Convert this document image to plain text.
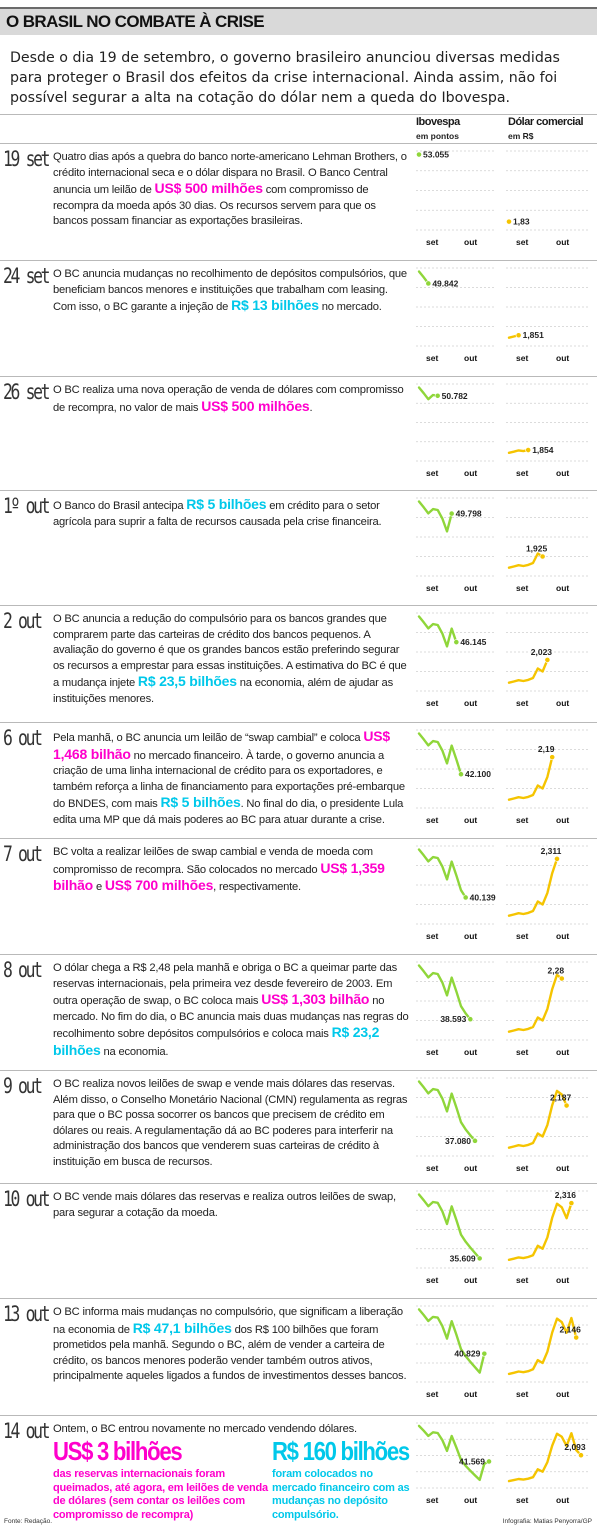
O BRASIL NO COMBATE À CRISE
Desde o dia 19 de setembro, o governo brasileiro anunciou diversas medidas para proteger o Brasil dos efeitos da crise internacional. Ainda assim, não foi possível segurar a alta na cotação do dólar nem a queda do Ibovespa.
Ibovespa
em pontos
Dólar comercial
em R$
19 set Quatro dias após a quebra do banco norte-americano Lehman Brothers, o crédito internacional seca e o dólar dispara no Brasil. O Banco Central anuncia um leilão de US$ 500 milhões com compromisso de recompra da moeda após 30 dias. Os recursos servem para que os bancos possam financiar as exportações brasileiras.
53.055
set	out
1,83
set	out
24 set O BC anuncia mudanças no recolhimento de depósitos compulsórios, que beneficiam bancos menores e instituições que trabalham com leasing. Com isso, o BC garante a injeção de R$ 13 bilhões no mercado.
49.842
set	out
1,851
set	out
26 set O BC realiza uma nova operação de venda de dólares com compromisso de recompra, no valor de mais US$ 500 milhões.
50.782
set	out
1,854
set	out
1º out O Banco do Brasil antecipa R$ 5 bilhões em crédito para o setor agrícola para suprir a falta de recursos causada pela crise financeira.
49.798
set	out
1,925
set	out
2 out O BC anuncia a redução do compulsório para os bancos grandes que comprarem parte das carteiras de crédito dos bancos pequenos. A avaliação do governo é que os grandes bancos estão preferindo segurar os recursos a emprestar para essas instituições. A estimativa do BC é que a mudança injete R$ 23,5 bilhões na economia, além de ajudar as instituições menores.
46.145
set	out
2,023
set	out
6 out Pela manhã, o BC anuncia um leilão de “swap cambial” e coloca US$ 1,468 bilhão no mercado financeiro. À tarde, o governo anuncia a criação de uma linha internacional de crédito para os exportadores, e também reforça a linha de financiamento para exportações pré-embarque do BNDES, com mais R$ 5 bilhões. No final do dia, o presidente Lula edita uma MP que dá mais poderes ao BC para atuar durante a crise.
42.100
set	out
2,19
set	out
7 out BC volta a realizar leilões de swap cambial e venda de moeda com compromisso de recompra. São colocados no mercado US$ 1,359 bilhão e US$ 700 milhões, respectivamente.
40.139
set	out
2,311
set	out
8 out O dólar chega a R$ 2,48 pela manhã e obriga o BC a queimar parte das reservas internacionais, pela primeira vez desde fevereiro de 2003. Em outra operação de swap, o BC coloca mais US$ 1,303 bilhão no mercado. No fim do dia, o BC anuncia mais duas mudanças nas regras do recolhimento sobre depósitos compulsórios e coloca mais R$ 23,2 bilhões na economia.
38.593
set	out
2,28
set	out
9 out O BC realiza novos leilões de swap e vende mais dólares das reservas. Além disso, o Conselho Monetário Nacional (CMN) regulamenta as regras para que o BC possa socorrer os bancos que precisem de crédito em dólares ou reais. A regulamentação dá ao BC poderes para interferir na administração dos bancos que venderem suas carteiras de crédito à instituição em busca de recursos.
37.080
set	out
2,187
set	out
10 out O BC vende mais dólares das reservas e realiza outros leilões de swap, para segurar a cotação da moeda.
35.609
set	out
2,316
set	out
13 out O BC informa mais mudanças no compulsório, que significam a liberação na economia de R$ 47,1 bilhões dos R$ 100 bilhões que foram prometidos pela manhã. Segundo o BC, além de vender a carteira de crédito, os bancos menores poderão vender também outros ativos, principalmente aqueles ligados a fundos de investimentos desses bancos.
40.829
set	out
2,146
set	out
14 out Ontem, o BC entrou novamente no mercado vendendo dólares.
41.569
set	out
2,093
set	out
US$ 3 bilhões
das reservas internacionais foram queimados, até agora, em leilões de venda de dólares (sem contar os leilões com compromisso de recompra)
R$ 160 bilhões
foram colocados no mercado financeiro com as mudanças no depósito compulsório.
Fonte: Redação.	Infografia: Matias Penyorra/GP
